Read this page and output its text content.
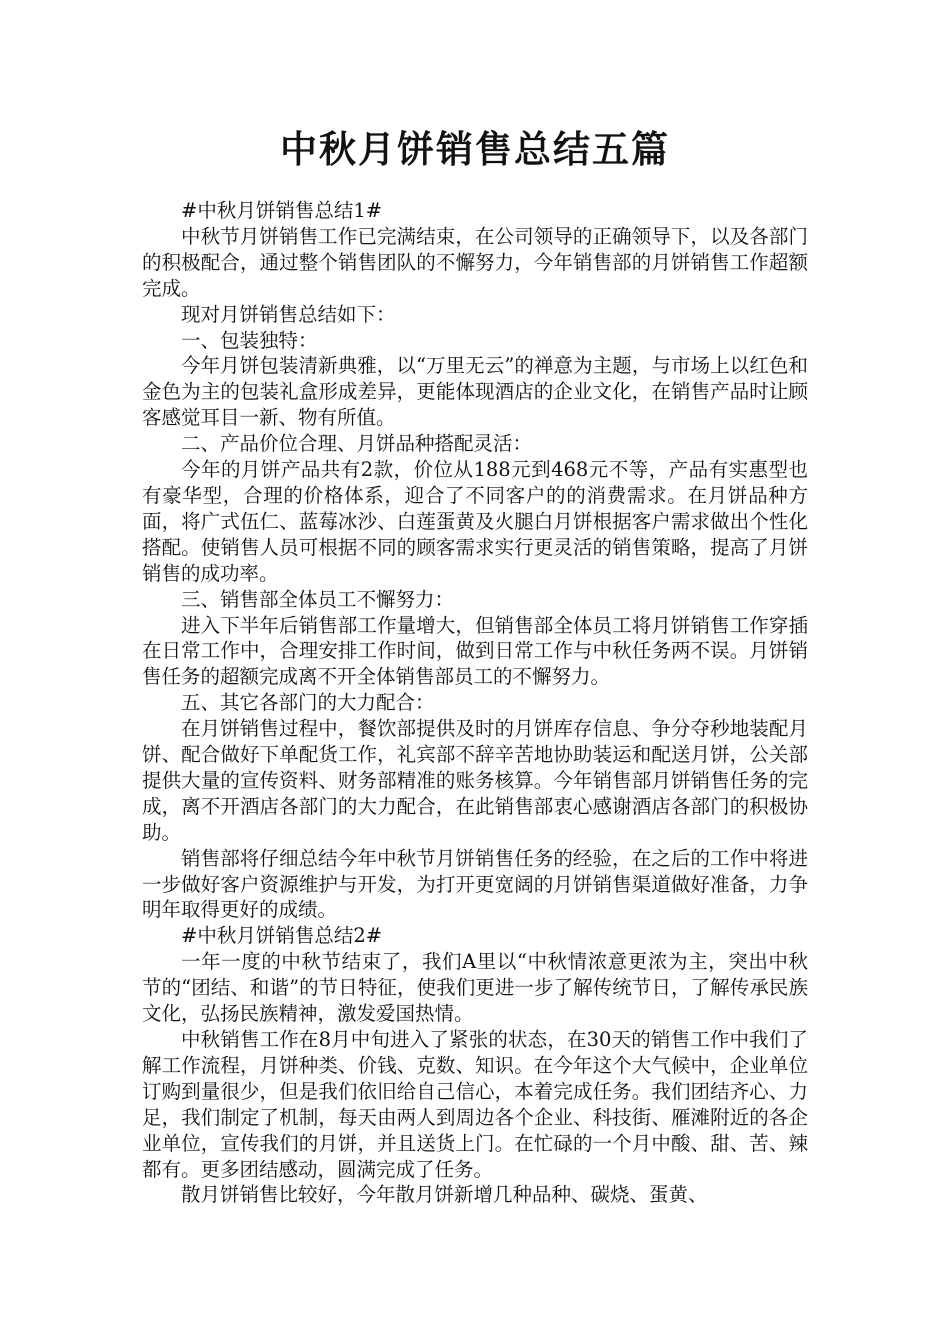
中秋月饼销售总结五篇

#中秋月饼销售总结1#

中秋节月饼销售工作已完满结束，在公司领导的正确领导下，以及各部门的积极配合，通过整个销售团队的不懈努力，今年销售部的月饼销售工作超额完成。

现对月饼销售总结如下：

一、包装独特：

今年月饼包装清新典雅，以“万里无云”的禅意为主题，与市场上以红色和金色为主的包装礼盒形成差异，更能体现酒店的企业文化，在销售产品时让顾客感觉耳目一新、物有所值。

二、产品价位合理、月饼品种搭配灵活：

今年的月饼产品共有2款，价位从188元到468元不等，产品有实惠型也有豪华型，合理的价格体系，迎合了不同客户的的消费需求。在月饼品种方面，将广式伍仁、蓝莓冰沙、白莲蛋黄及火腿白月饼根据客户需求做出个性化搭配。使销售人员可根据不同的顾客需求实行更灵活的销售策略，提高了月饼销售的成功率。

三、销售部全体员工不懈努力：

进入下半年后销售部工作量增大，但销售部全体员工将月饼销售工作穿插在日常工作中，合理安排工作时间，做到日常工作与中秋任务两不误。月饼销售任务的超额完成离不开全体销售部员工的不懈努力。

五、其它各部门的大力配合：

在月饼销售过程中，餐饮部提供及时的月饼库存信息、争分夺秒地装配月饼、配合做好下单配货工作，礼宾部不辞辛苦地协助装运和配送月饼，公关部提供大量的宣传资料、财务部精准的账务核算。今年销售部月饼销售任务的完成，离不开酒店各部门的大力配合，在此销售部衷心感谢酒店各部门的积极协助。

销售部将仔细总结今年中秋节月饼销售任务的经验，在之后的工作中将进一步做好客户资源维护与开发，为打开更宽阔的月饼销售渠道做好准备，力争明年取得更好的成绩。

#中秋月饼销售总结2#

一年一度的中秋节结束了，我们A里以“中秋情浓意更浓为主，突出中秋节的“团结、和谐”的节日特征，使我们更进一步了解传统节日，了解传承民族文化，弘扬民族精神，激发爱国热情。

中秋销售工作在8月中旬进入了紧张的状态，在30天的销售工作中我们了解工作流程，月饼种类、价钱、克数、知识。在今年这个大气候中，企业单位订购到量很少，但是我们依旧给自己信心，本着完成任务。我们团结齐心、力足，我们制定了机制，每天由两人到周边各个企业、科技街、雁滩附近的各企业单位，宣传我们的月饼，并且送货上门。在忙碌的一个月中酸、甜、苦、辣都有。更多团结感动，圆满完成了任务。

散月饼销售比较好，今年散月饼新增几种品种、碳烧、蛋黄、
